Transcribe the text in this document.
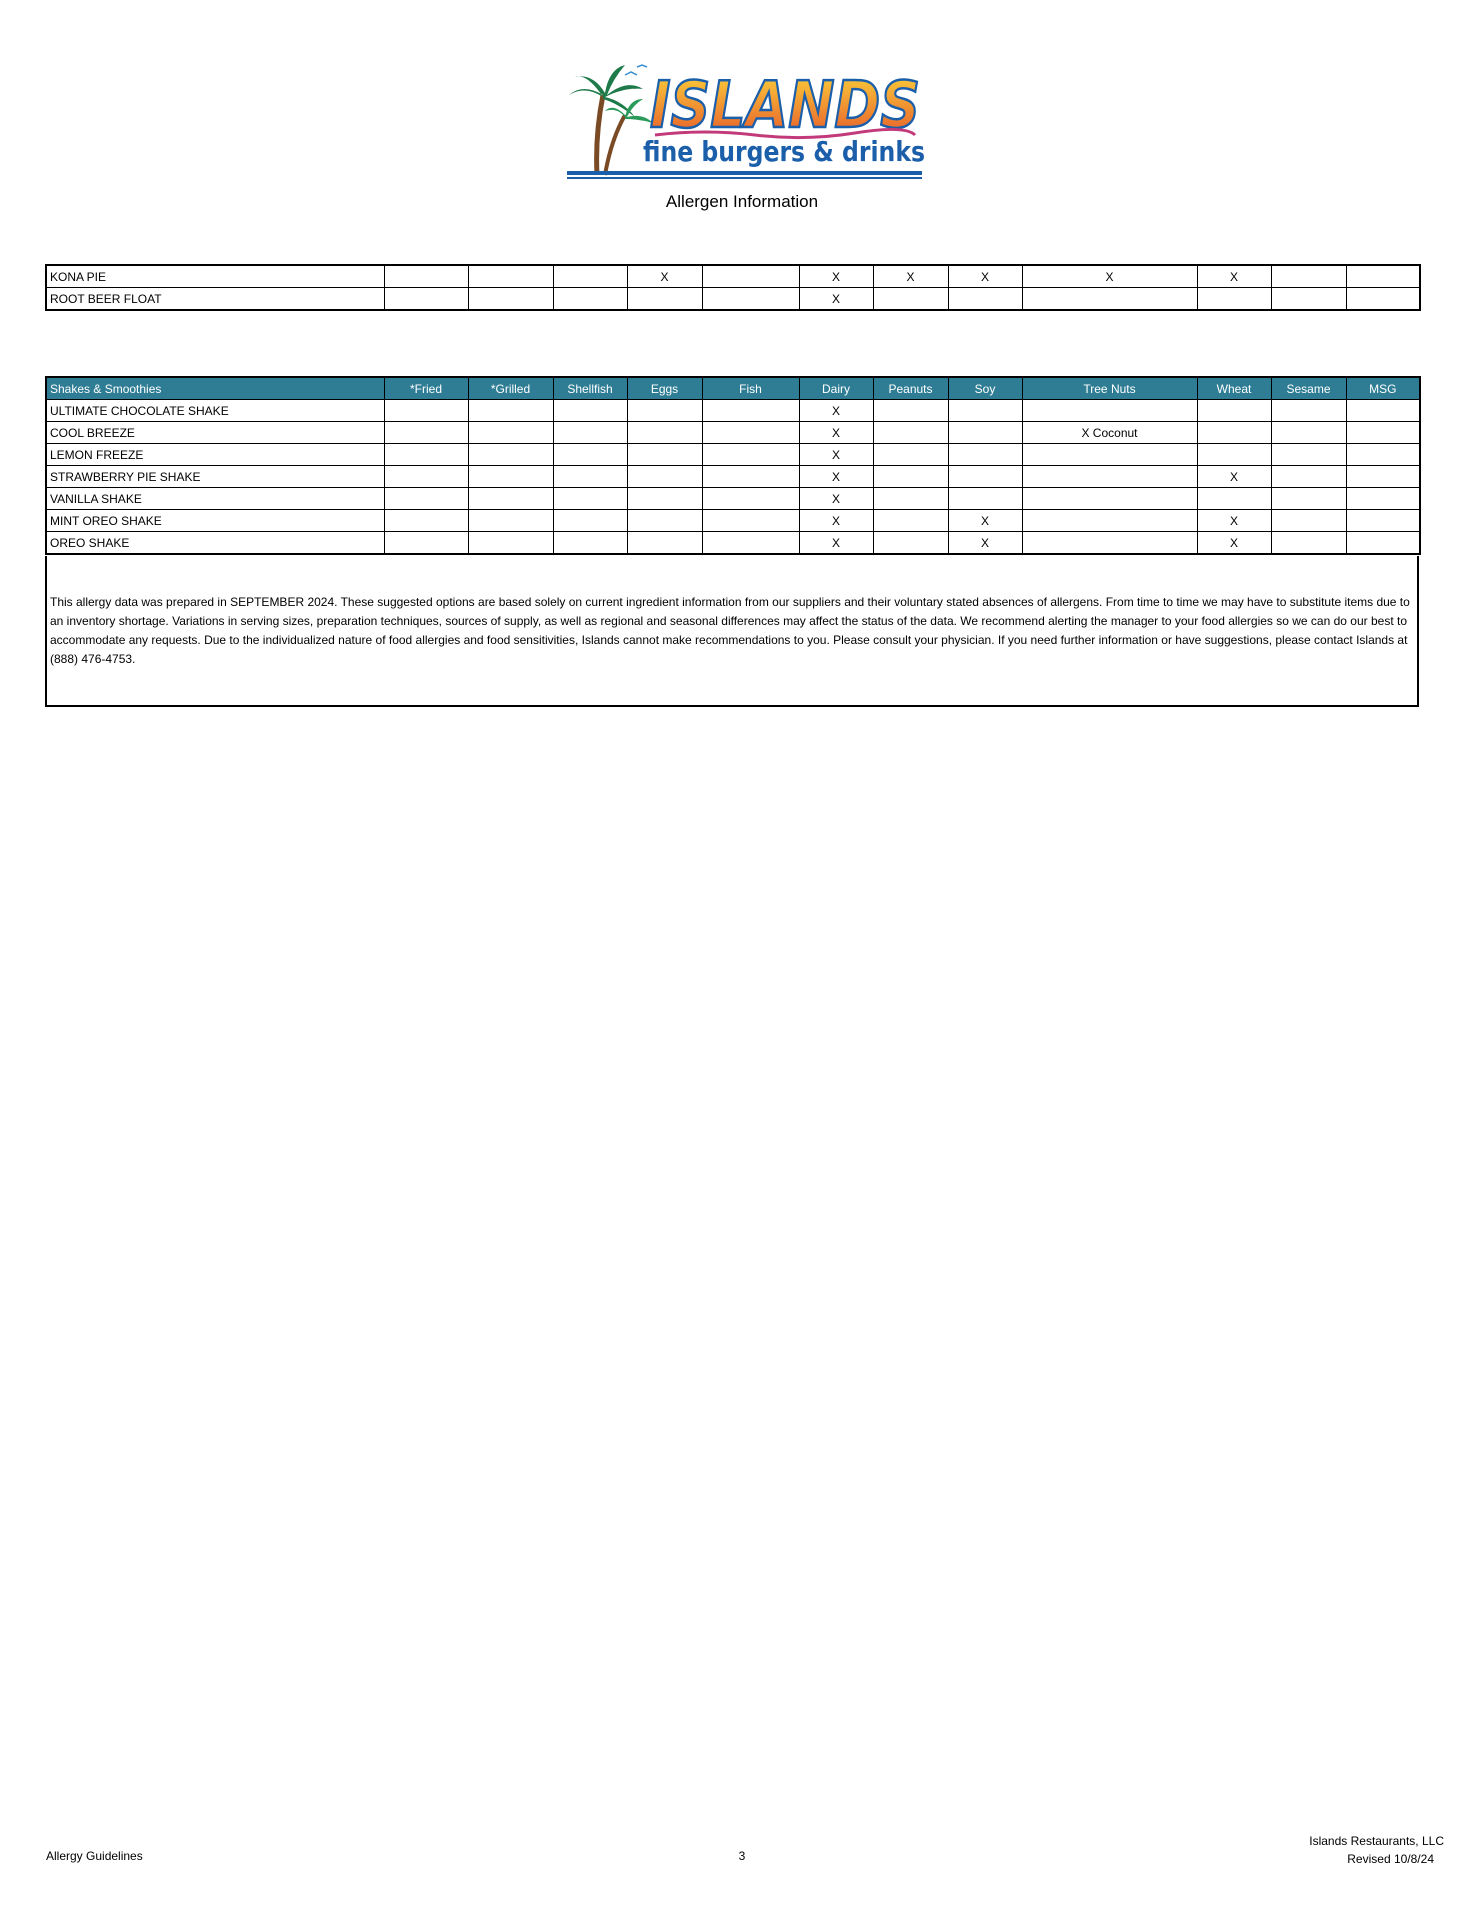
ISLANDS
fine burgers & drinks
Allergen Information
KONA PIE				X		X	X	X	X	X		
ROOT BEER FLOAT						X						
Shakes & Smoothies	*Fried	*Grilled	Shellfish	Eggs	Fish	Dairy	Peanuts	Soy	Tree Nuts	Wheat	Sesame	MSG
ULTIMATE CHOCOLATE SHAKE						X						
COOL BREEZE						X			X Coconut			
LEMON FREEZE						X						
STRAWBERRY PIE SHAKE						X				X		
VANILLA SHAKE						X						
MINT OREO SHAKE						X		X		X		
OREO SHAKE						X		X		X		
This allergy data was prepared in SEPTEMBER 2024. These suggested options are based solely on current ingredient information from our suppliers and their voluntary stated absences of allergens. From time to time we may have to substitute items due to an inventory shortage. Variations in serving sizes, preparation techniques, sources of supply, as well as regional and seasonal differences may affect the status of the data. We recommend alerting the manager to your food allergies so we can do our best to accommodate any requests. Due to the individualized nature of food allergies and food sensitivities, Islands cannot make recommendations to you. Please consult your physician. If you need further information or have suggestions, please contact Islands at (888) 476-4753.
Allergy Guidelines	3
Islands Restaurants, LLC
Revised 10/8/24
